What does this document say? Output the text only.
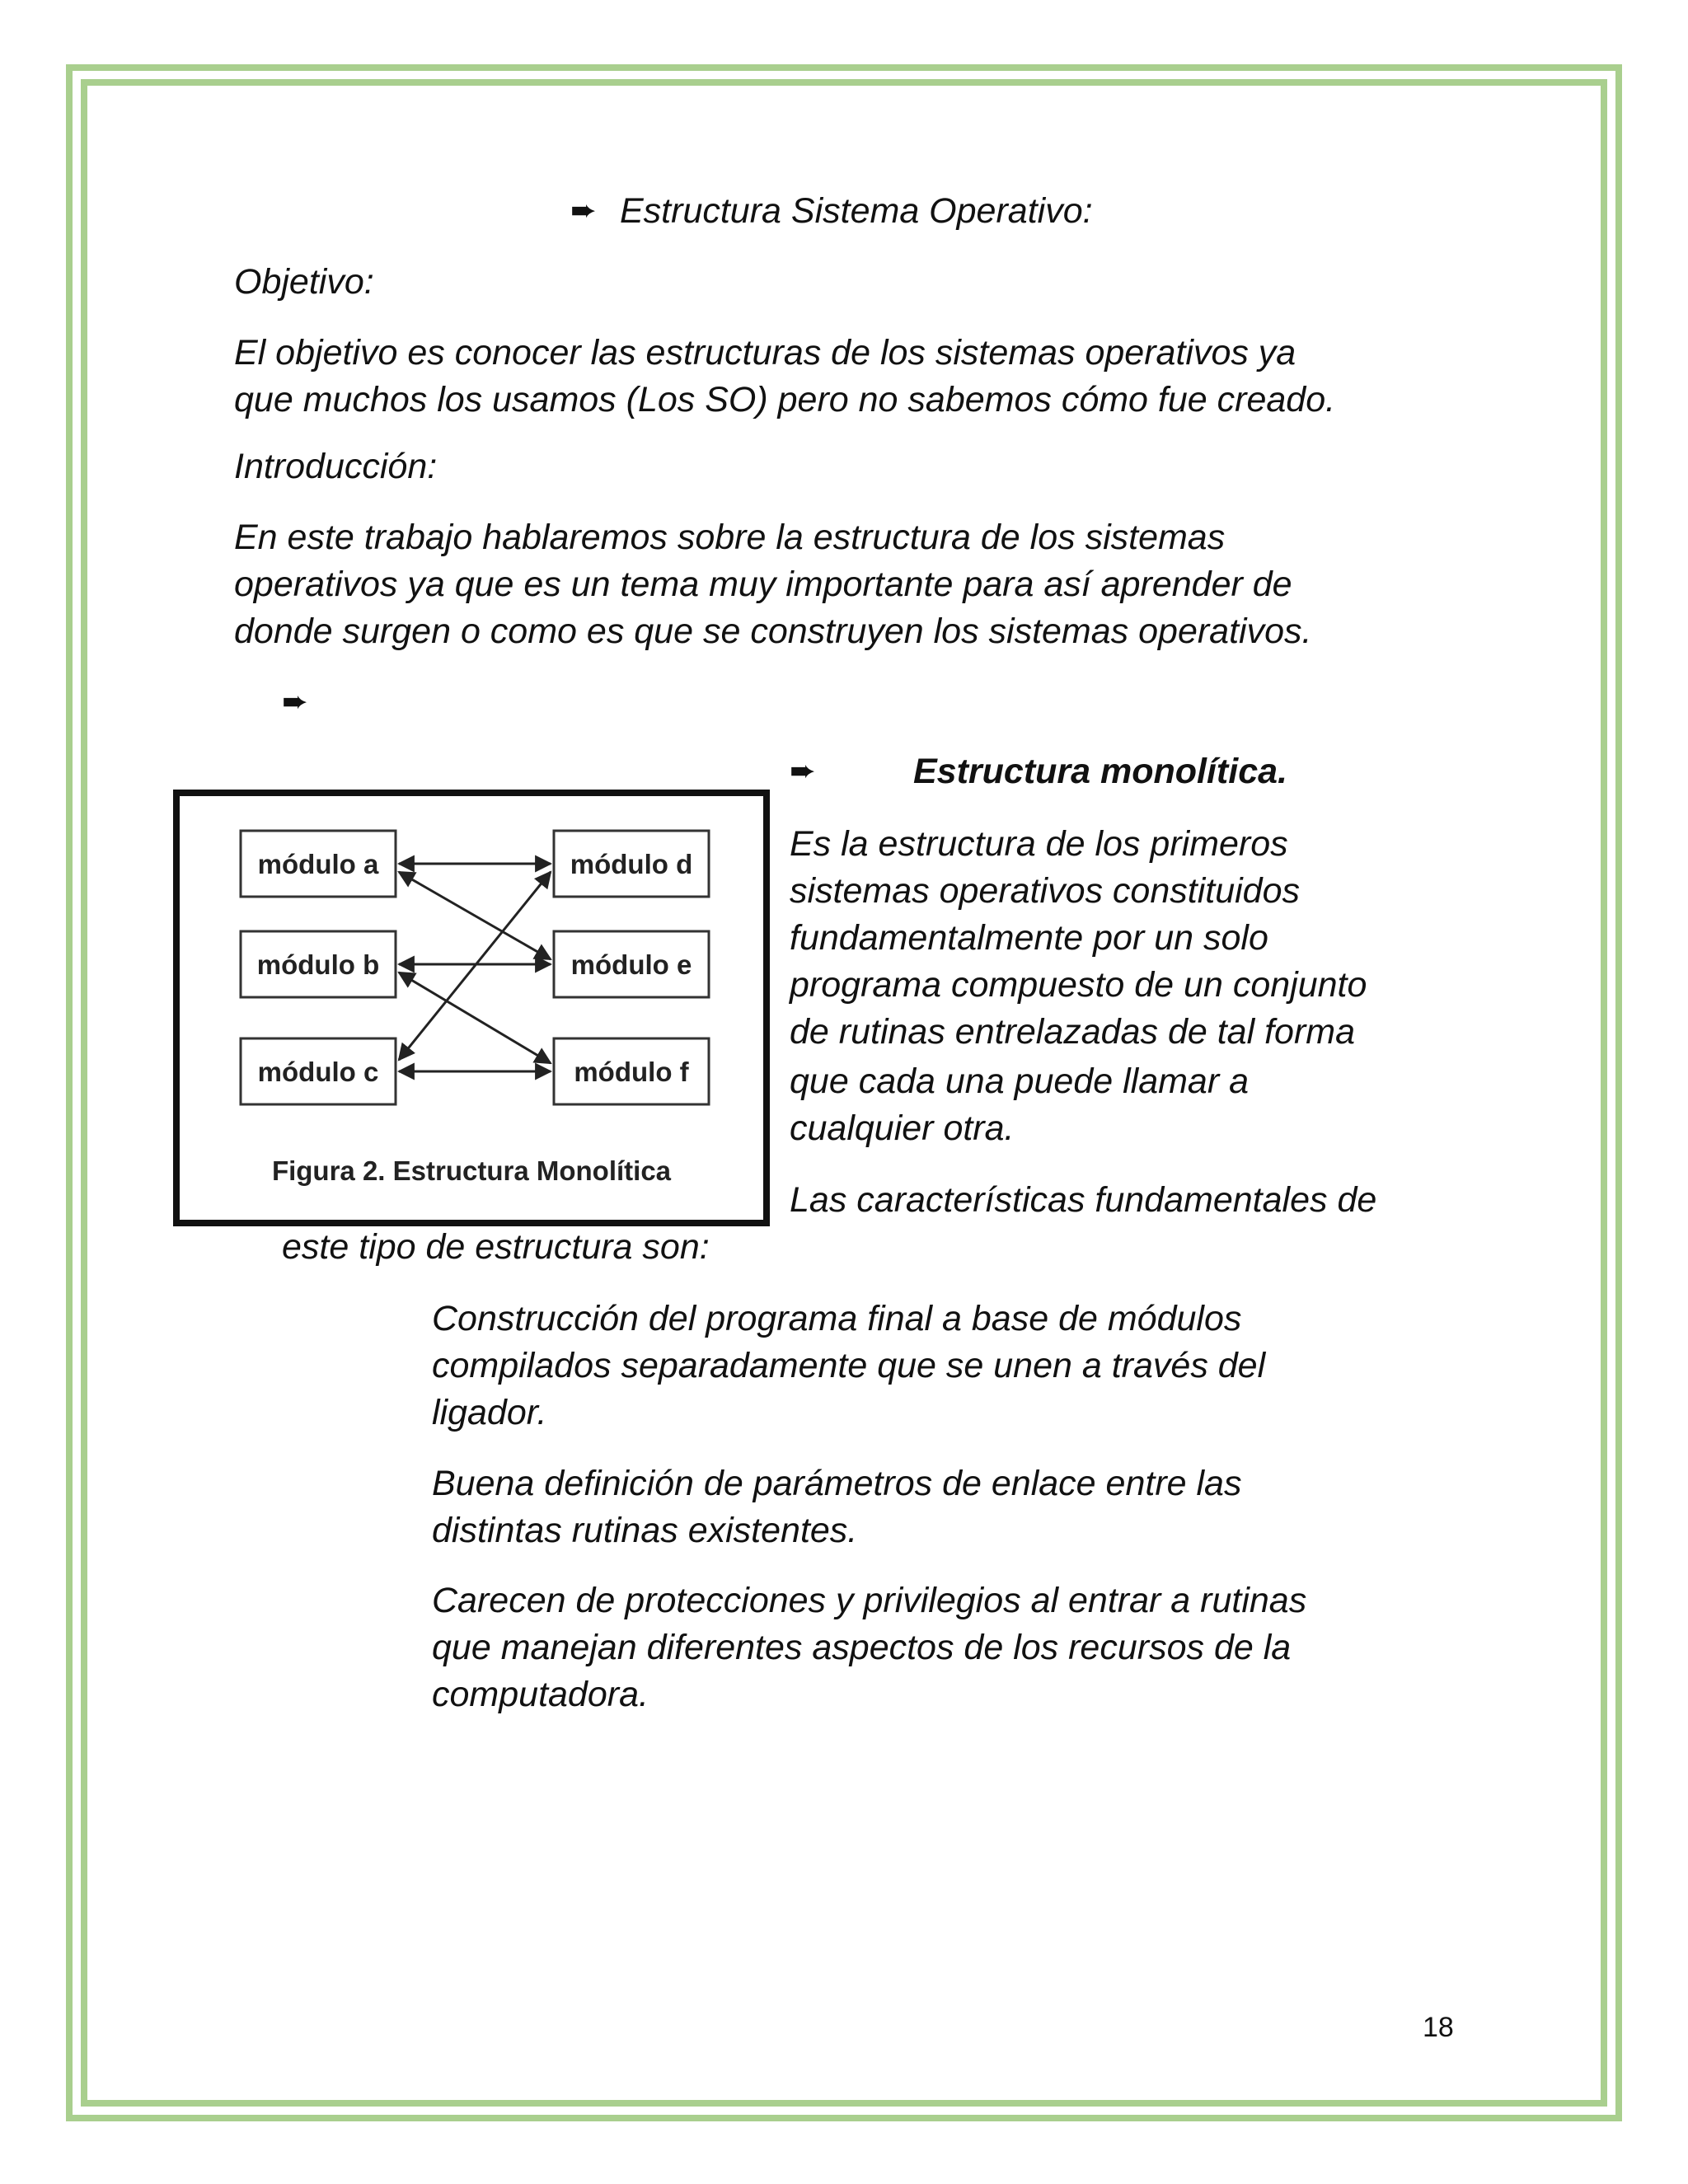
➨ Estructura Sistema Operativo:
Objetivo:
El objetivo es conocer las estructuras de los sistemas operativos ya
que muchos los usamos (Los SO) pero no sabemos cómo fue creado.
Introducción:
En este trabajo hablaremos sobre la estructura de los sistemas
operativos ya que es un tema muy importante para así aprender de
donde surgen o como es que se construyen los sistemas operativos.
➨
➨	Estructura monolítica.
Es la estructura de los primeros
sistemas operativos constituidos
fundamentalmente por un solo
programa compuesto de un conjunto
de rutinas entrelazadas de tal forma
que cada una puede llamar a
cualquier otra.
Las características fundamentales de
este tipo de estructura son:
módulo a
módulo b
módulo c
módulo d
módulo e
módulo f
Figura 2. Estructura Monolítica
Construcción del programa final a base de módulos
compilados separadamente que se unen a través del
ligador.
Buena definición de parámetros de enlace entre las
distintas rutinas existentes.
Carecen de protecciones y privilegios al entrar a rutinas
que manejan diferentes aspectos de los recursos de la
computadora.
18
